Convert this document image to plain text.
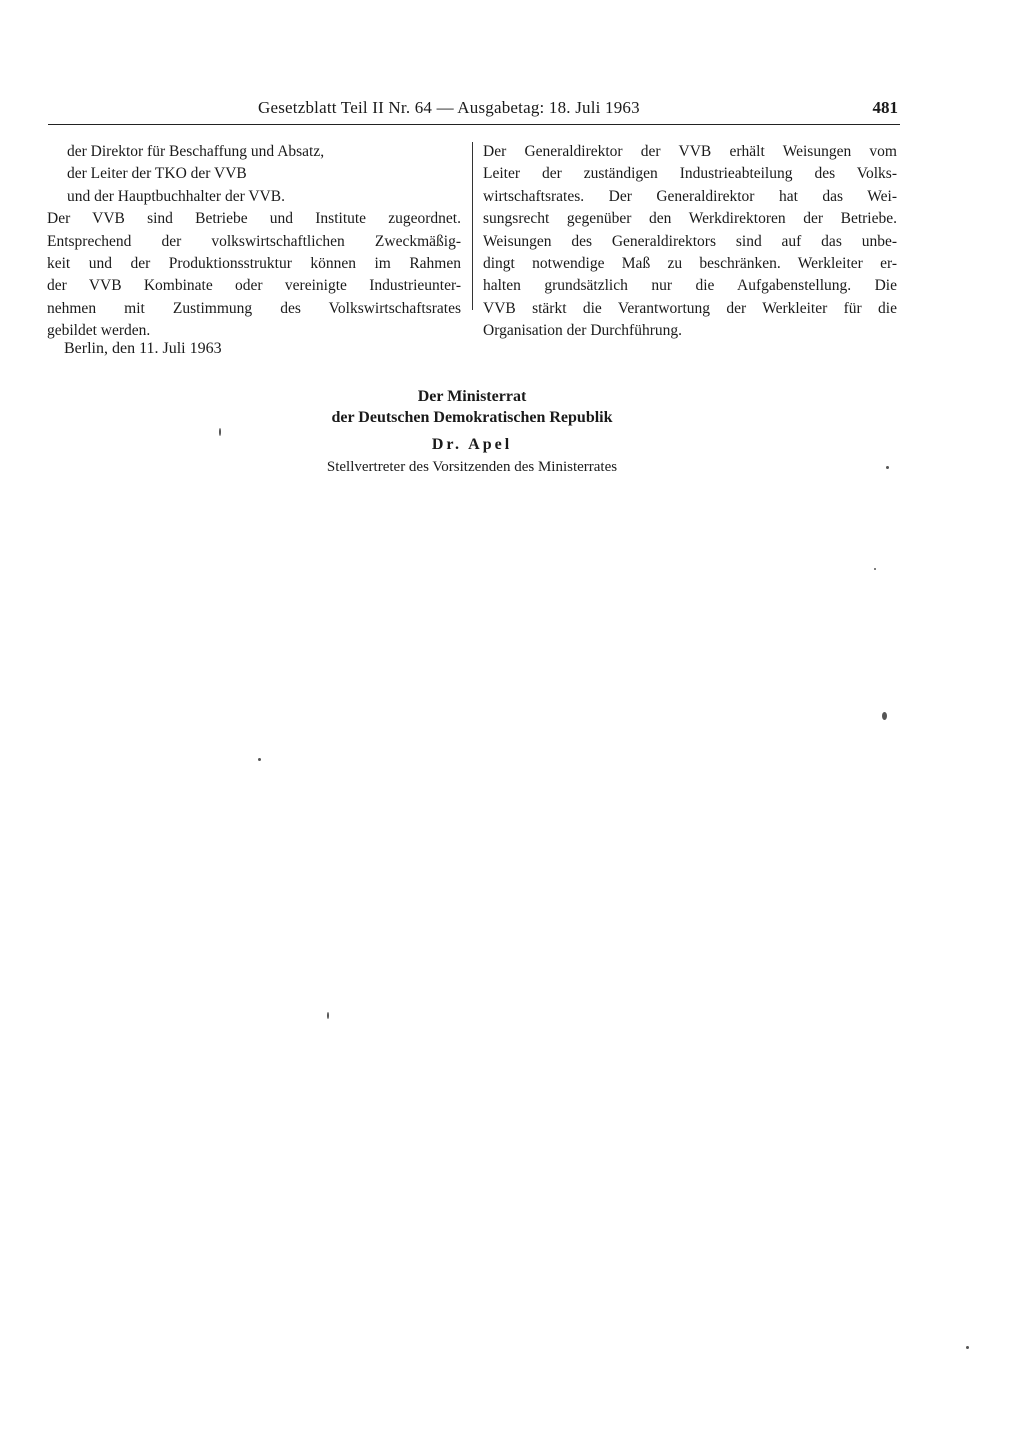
Gesetzblatt Teil II Nr. 64 — Ausgabetag: 18. Juli 1963	481
der Direktor für Beschaffung und Absatz,
der Leiter der TKO der VVB
und der Hauptbuchhalter der VVB.
Der VVB sind Betriebe und Institute zugeordnet.
Entsprechend der volkswirtschaftlichen Zweckmäßig-
keit und der Produktionsstruktur können im Rahmen
der VVB Kombinate oder vereinigte Industrieunter-
nehmen mit Zustimmung des Volkswirtschaftsrates
gebildet werden.
Der Generaldirektor der VVB erhält Weisungen vom
Leiter der zuständigen Industrieabteilung des Volks-
wirtschaftsrates. Der Generaldirektor hat das Wei-
sungsrecht gegenüber den Werkdirektoren der Betriebe.
Weisungen des Generaldirektors sind auf das unbe-
dingt notwendige Maß zu beschränken. Werkleiter er-
halten grundsätzlich nur die Aufgabenstellung. Die
VVB stärkt die Verantwortung der Werkleiter für die
Organisation der Durchführung.
Berlin, den 11. Juli 1963
Der Ministerrat
der Deutschen Demokratischen Republik
Dr. Apel
Stellvertreter des Vorsitzenden des Ministerrates
